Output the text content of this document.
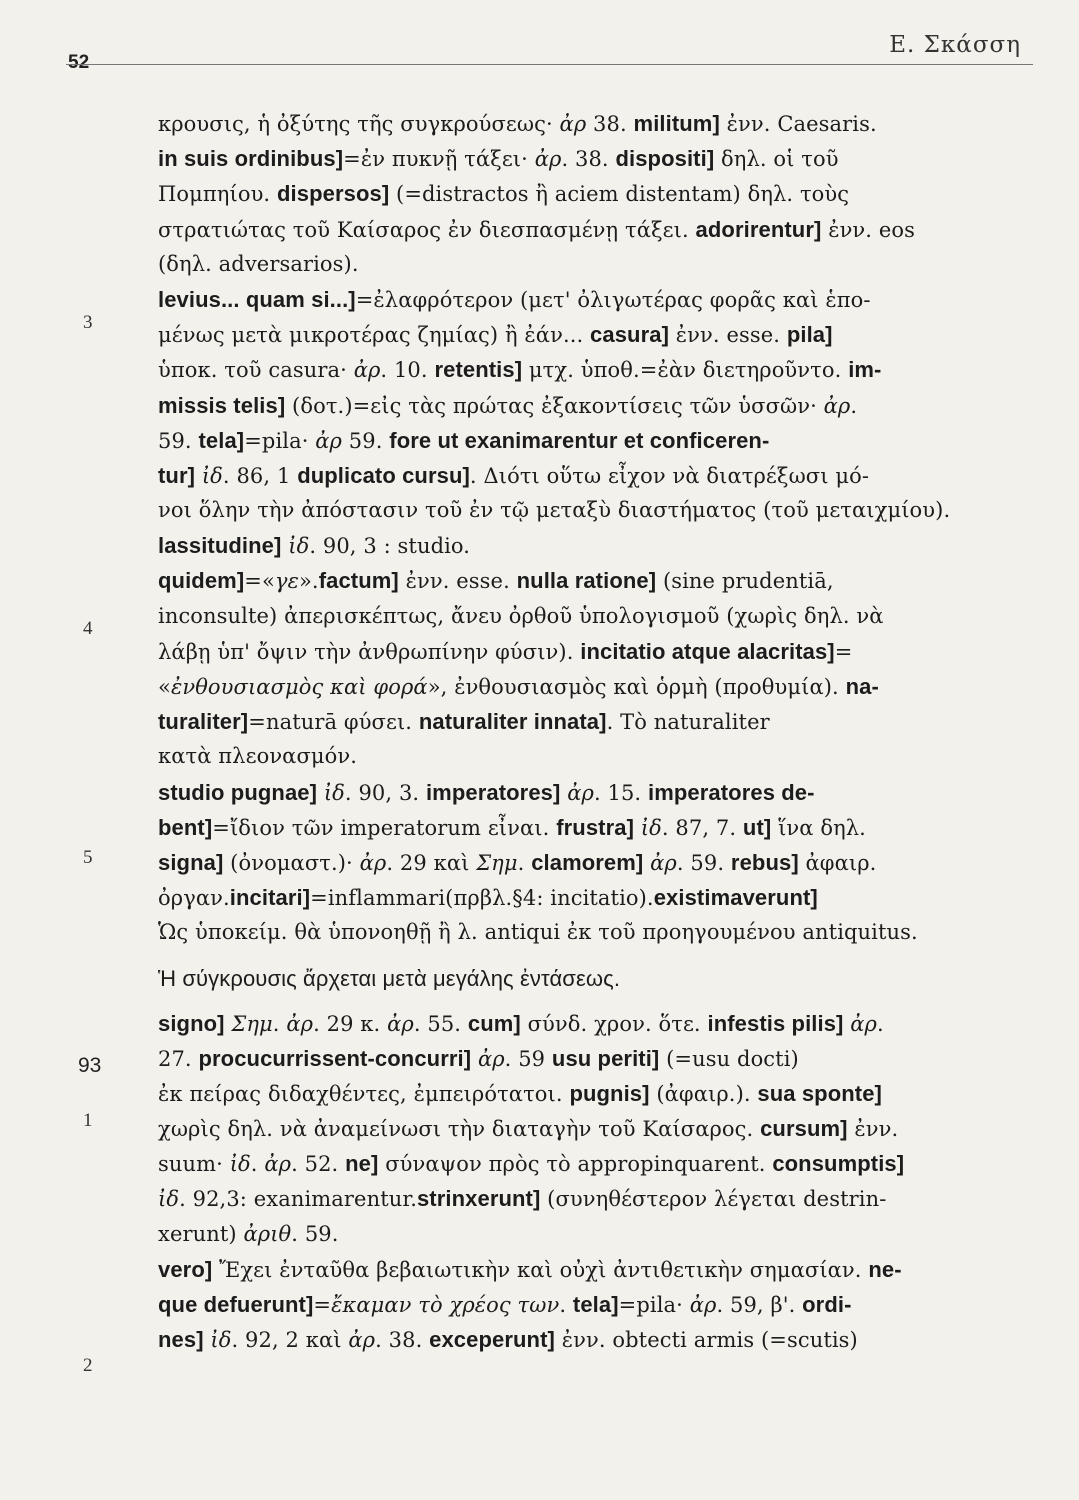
52
Ε. Σκάσση
3
4
5
93
1
2
κρουσις, ἡ ὀξύτης τῆς συγκρούσεως· ἀρ 38. militum] ἐνν. Caesaris.
in suis ordinibus]=ἐν πυκνῇ τάξει· ἀρ. 38. dispositi] δηλ. οἱ τοῦ
Πομπηίου. dispersos] (=distractos ἢ aciem distentam) δηλ. τοὺς
στρατιώτας τοῦ Καίσαρος ἐν διεσπασμένῃ τάξει. adorirentur] ἐνν. eos
(δηλ. adversarios).
levius... quam si...]=ἐλαφρότερον (μετ' ὀλιγωτέρας φορᾶς καὶ ἑπο-
μένως μετὰ μικροτέρας ζημίας) ἢ ἐάν... casura] ἐνν. esse. pila]
ὑποκ. τοῦ casura· ἀρ. 10. retentis] μτχ. ὑποθ.=ἐὰν διετηροῦντο. im-
missis telis] (δοτ.)=εἰς τὰς πρώτας ἐξακοντίσεις τῶν ὑσσῶν· ἀρ.
59. tela]=pila· ἀρ 59. fore ut exanimarentur et conficeren-
tur] ἰδ. 86, 1 duplicato cursu]. Διότι οὕτω εἶχον νὰ διατρέξωσι μό-
νοι ὅλην τὴν ἀπόστασιν τοῦ ἐν τῷ μεταξὺ διαστήματος (τοῦ μεταιχμίου).
lassitudine] ἰδ. 90, 3 : studio.
quidem]=«γε».factum] ἐνν. esse. nulla ratione] (sine prudentiā,
inconsulte) ἀπερισκέπτως, ἄνευ ὀρθοῦ ὑπολογισμοῦ (χωρὶς δηλ. νὰ
λάβῃ ὑπ' ὄψιν τὴν ἀνθρωπίνην φύσιν). incitatio atque alacritas]=
«ἐνθουσιασμὸς καὶ φορά», ἐνθουσιασμὸς καὶ ὁρμὴ (προθυμία). na-
turaliter]=naturā φύσει. naturaliter innata]. Τὸ naturaliter
κατὰ πλεονασμόν.
studio pugnae] ἰδ. 90, 3. imperatores] ἀρ. 15. imperatores de-
bent]=ἴδιον τῶν imperatorum εἶναι. frustra] ἰδ. 87, 7. ut] ἵνα δηλ.
signa] (ὀνομαστ.)· ἀρ. 29 καὶ Σημ. clamorem] ἀρ. 59. rebus] ἀφαιρ.
ὀργαν.incitari]=inflammari(πρβλ.§4: incitatio).existimaverunt]
Ὡς ὑποκείμ. θὰ ὑπονοηθῇ ἢ λ. antiqui ἐκ τοῦ προηγουμένου antiquitus.
Ἡ σύγκρουσις ἄρχεται μετὰ μεγάλης ἐντάσεως.
signo] Σημ. ἀρ. 29 κ. ἀρ. 55. cum] σύνδ. χρον. ὅτε. infestis pilis] ἀρ.
27. procucurrissent-concurri] ἀρ. 59 usu periti] (=usu docti)
ἐκ πείρας διδαχθέντες, ἐμπειρότατοι. pugnis] (ἀφαιρ.). sua sponte]
χωρὶς δηλ. νὰ ἀναμείνωσι τὴν διαταγὴν τοῦ Καίσαρος. cursum] ἐνν.
suum· ἰδ. ἀρ. 52. ne] σύναψον πρὸς τὸ appropinquarent. consumptis]
ἰδ. 92,3: exanimarentur.strinxerunt] (συνηθέστερον λέγεται destrin-
xerunt) ἀριθ. 59.
vero] Ἔχει ἐνταῦθα βεβαιωτικὴν καὶ οὐχὶ ἀντιθετικὴν σημασίαν. ne-
que defuerunt]=ἔκαμαν τὸ χρέος των. tela]=pila· ἀρ. 59, β'. ordi-
nes] ἰδ. 92, 2 καὶ ἀρ. 38. exceperunt] ἐνν. obtecti armis (=scutis)
